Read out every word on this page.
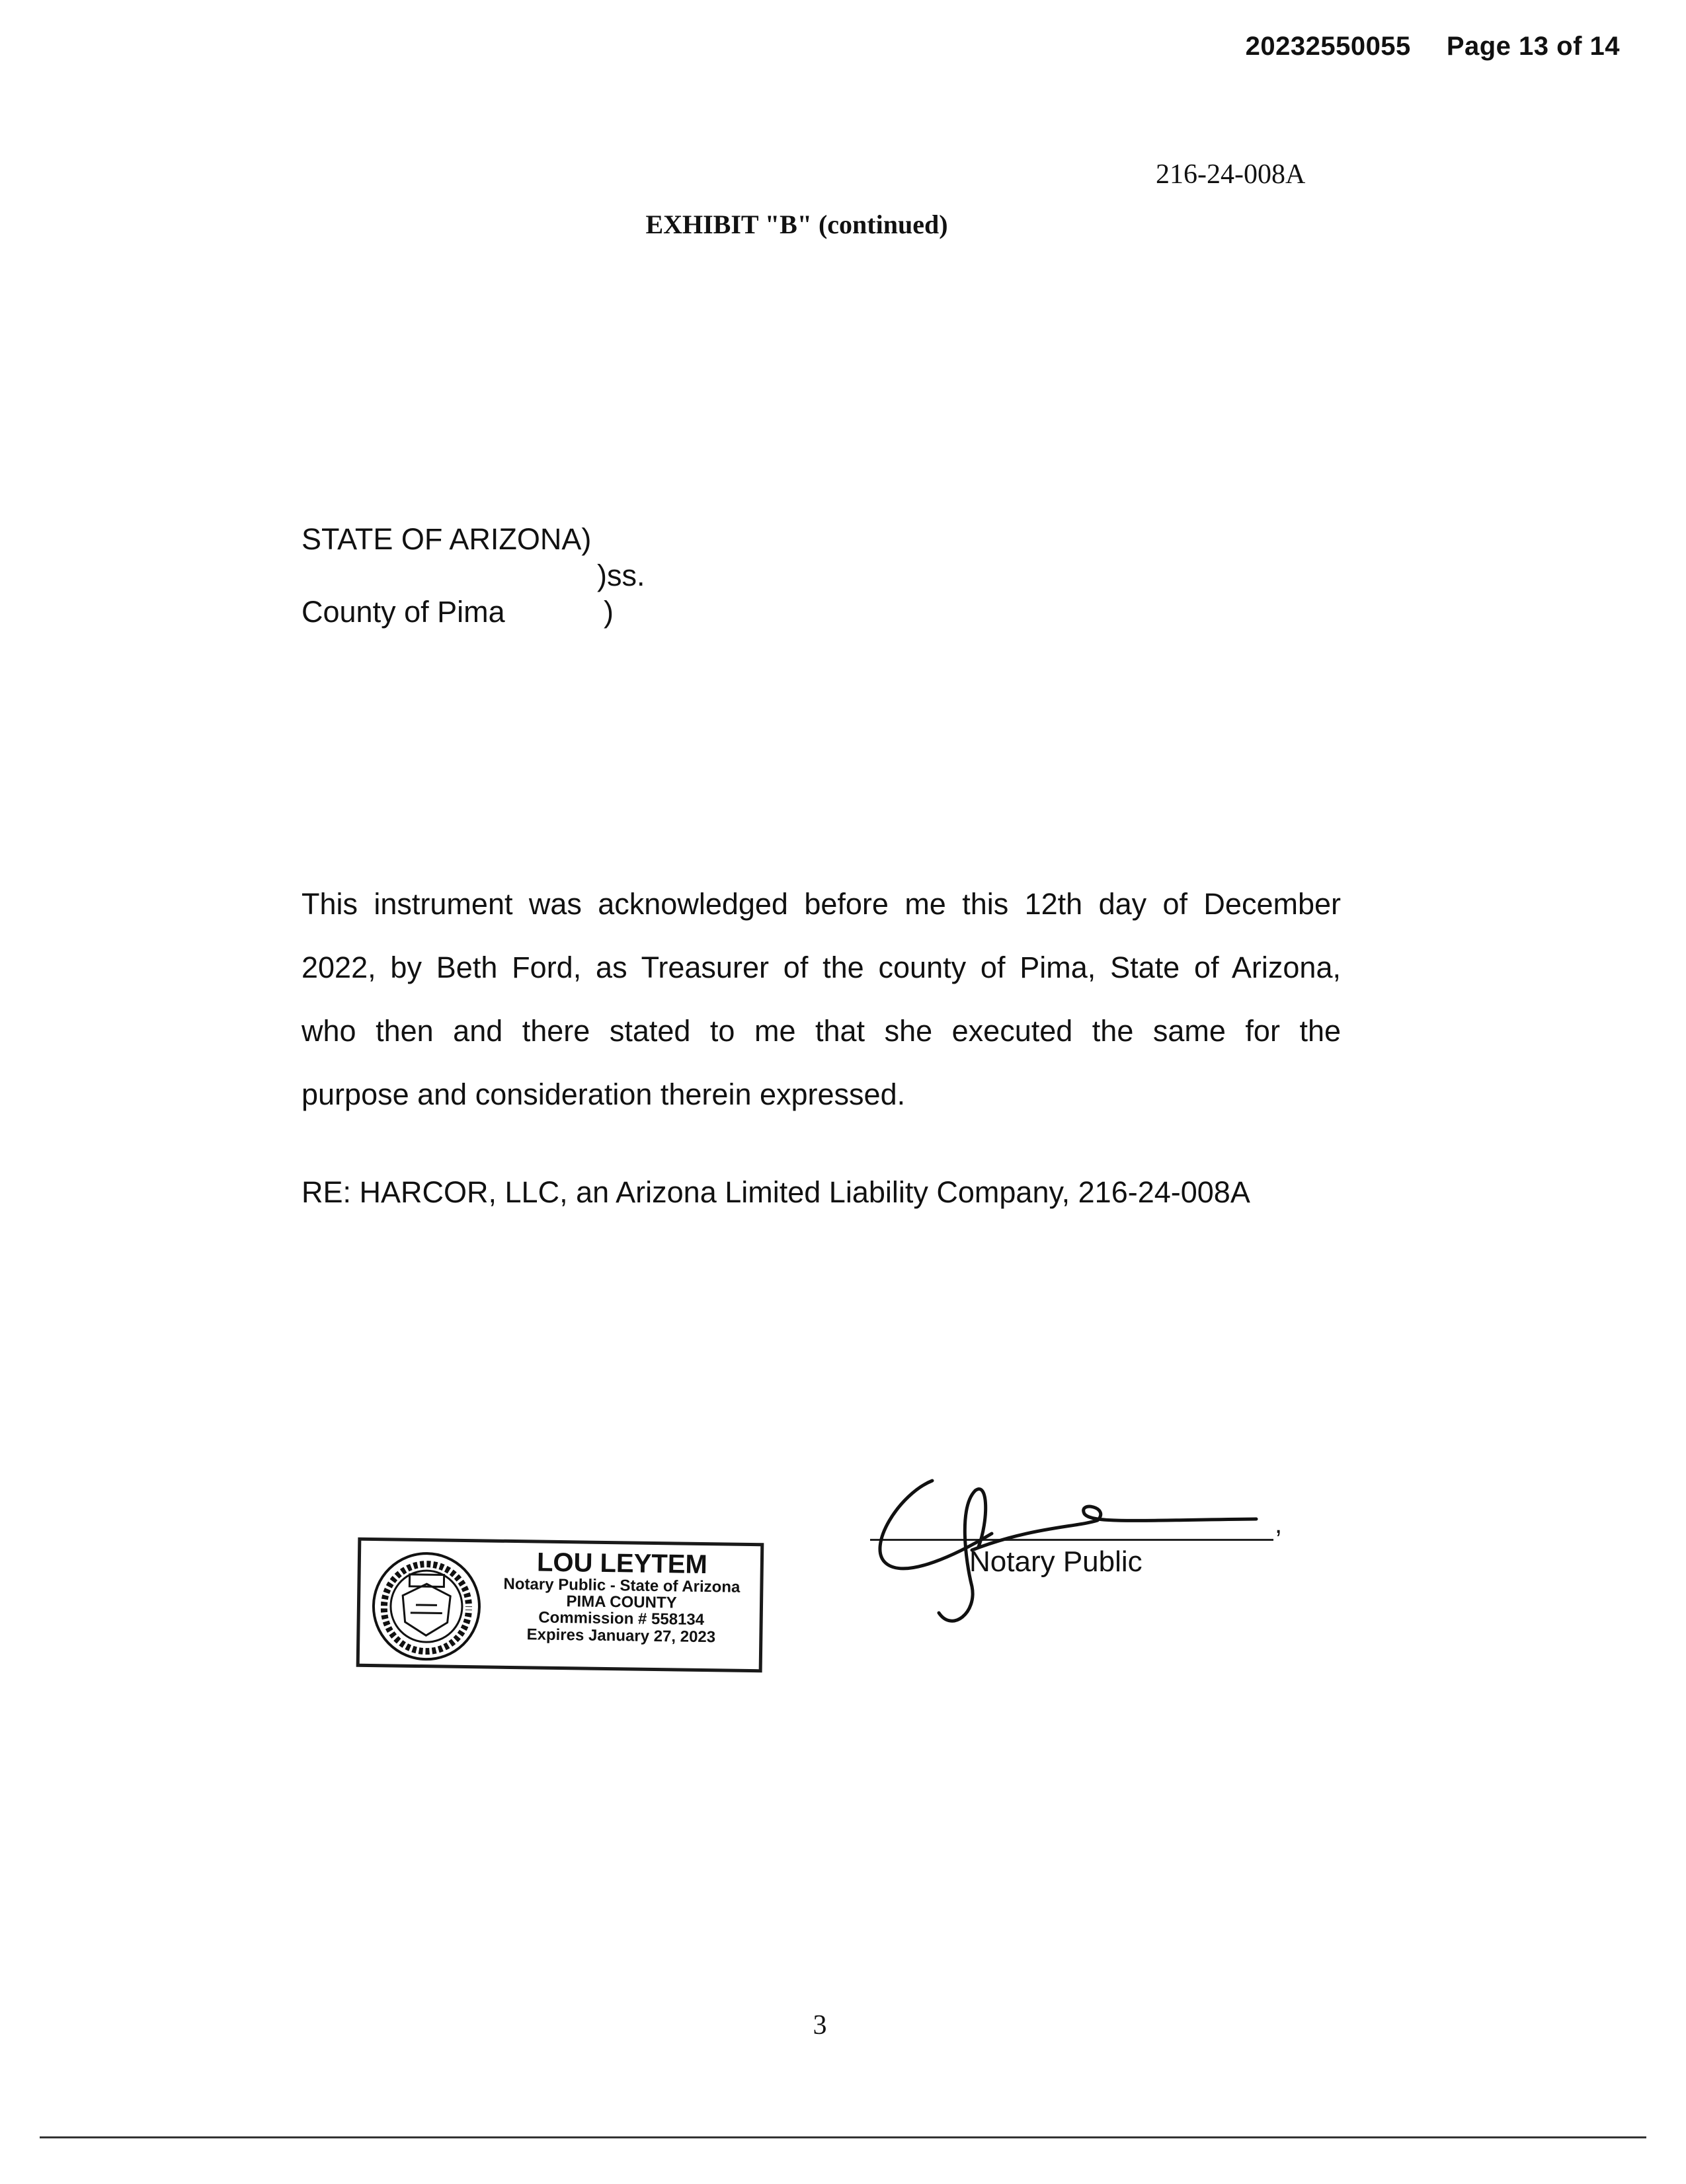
20232550055 Page 13 of 14
216-24-008A
EXHIBIT "B" (continued)
STATE OF ARIZONA)
)ss.
County of Pima	)

This instrument was acknowledged before me this 12th day of December

2022, by Beth Ford, as Treasurer of the county of Pima, State of Arizona,

who then and there stated to me that she executed the same for the

purpose and consideration therein expressed.

RE: HARCOR, LLC, an Arizona Limited Liability Company, 216-24-008A
,
Notary Public
LOU LEYTEM
Notary Public - State of Arizona
PIMA COUNTY
Commission # 558134
Expires January 27, 2023
3
